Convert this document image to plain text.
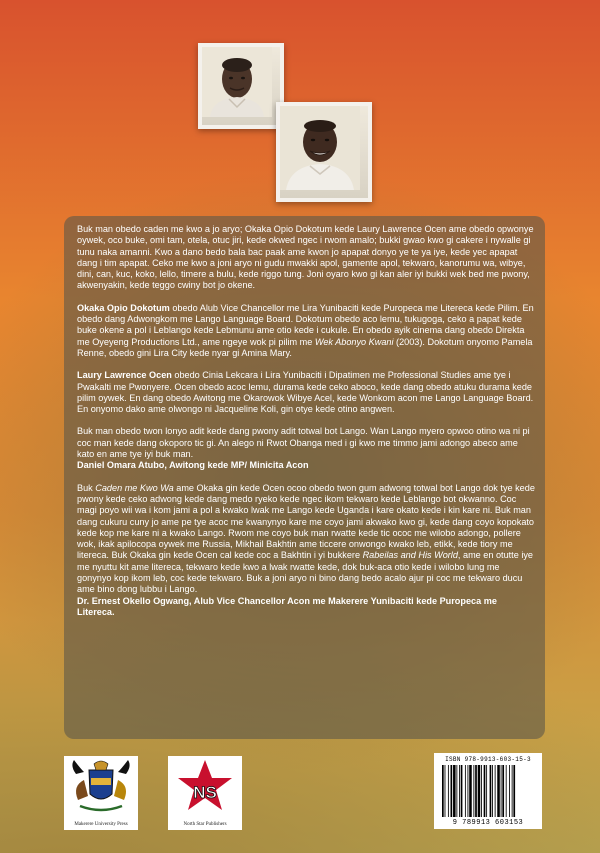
Buk man obedo caden me kwo a jo aryo; Okaka Opio Dokotum kede Laury Lawrence Ocen ame obedo opwonye oywek, oco buke, omi tam, otela, otuc jiri, kede okwed ngec i rwom amalo; bukki gwao kwo gi cakere i nywalle gi tunu naka amanni. Kwo a dano bedo bala bac paak ame kwon jo apapat donyo ye te ya iye, kede yec apapat dang i tim apapat. Ceko me kwo a joni aryo ni gudu mwakki apol, gamente apol, tekwaro, kanorumu wa, wibye, dini, can, kuc, koko, lello, timere a bulu, kede riggo tung. Joni oyaro kwo gi kan aler iyi bukki wek bed me pwony, akwenyakin, kede teggo cwiny bot jo okene.

Okaka Opio Dokotum obedo Alub Vice Chancellor me Lira Yunibaciti kede Puropeca me Litereca kede Pilim. En obedo dang Adwongkom me Lango Language Board. Dokotum obedo aco lemu, tukugoga, ceko a papat kede buke okene a pol i Leblango kede Lebmunu ame otio kede i cukule. En obedo ayik cinema dang obedo Direkta me Oyeyeng Productions Ltd., ame ngeye wok pi pilim me Wek Abonyo Kwani (2003). Dokotum onyomo Pamela Renne, obedo gini Lira City kede nyar gi Amina Mary.

Laury Lawrence Ocen obedo Cinia Lekcara i Lira Yunibaciti i Dipatimen me Professional Studies ame tye i Pwakalti me Pwonyere. Ocen obedo acoc lemu, durama kede ceko aboco, kede dang obedo atuku durama kede pilim oywek. En dang obedo Awitong me Okarowok Wibye Acel, kede Wonkom acon me Lango Language Board. En onyomo dako ame olwongo ni Jacqueline Koli, gin otye kede otino angwen.

Buk man obedo twon lonyo adit kede dang pwony adit totwal bot Lango. Wan Lango myero opwoo otino wa ni pi coc man kede dang okoporo tic gi. An alego ni Rwot Obanga med i gi kwo me timmo jami adongo abeco ame kato en ame tye iyi buk man.
Daniel Omara Atubo, Awitong kede MP/ Minicita Acon

Buk Caden me Kwo Wa ame Okaka gin kede Ocen ocoo obedo twon gum adwong totwal bot Lango dok tye kede pwony kede ceko adwong kede dang medo ryeko kede ngec ikom tekwaro kede Leblango bot okwanno. Coc magi poyo wii wa i kom jami a pol a kwako lwak me Lango kede Uganda i kare okato kede i kin kare ni. Buk man dang cukuru cuny jo ame pe tye acoc me kwanynyo kare me coyo jami akwako kwo gi, kede dang coyo kopokato kede kop me kare ni a kwako Lango. Rwom me coyo buk man rwatte kede tic ococ me wilobo adongo, pollere wok, ikak apilocopa oywek me Russia, Mikhail Bakhtin ame ticcere onwongo kwako leb, etikk, kede tiory me litereca. Buk Okaka gin kede Ocen cal kede coc a Bakhtin i yi bukkere Rabeilas and His World, ame en otutte iye me nyuttu kit ame litereca, tekwaro kede kwo a lwak rwatte kede, dok buk-aca otio kede i wilobo lung me gonynyo kop ikom leb, coc kede tekwaro. Buk a joni aryo ni bino dang bedo acalo ajur pi coc me tekwaro ducu ame bino dong lubbu i Lango.
Dr. Ernest Okello Ogwang, Alub Vice Chancellor Acon me Makerere Yunibaciti kede Puropeca me Litereca.

Makerere University Press
NS
North Star Publishers
ISBN 978-9913-603-15-3
9 789913 603153
